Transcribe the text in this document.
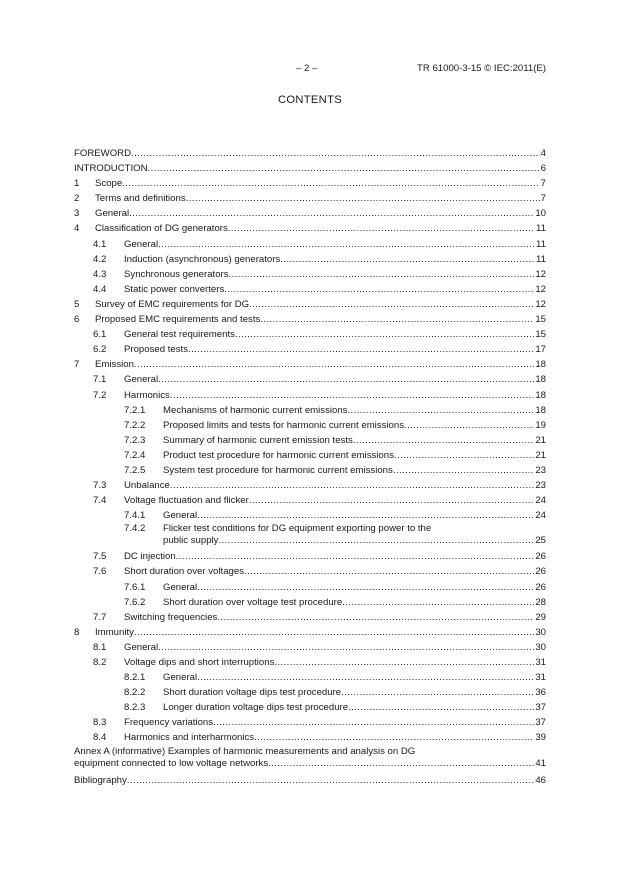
– 2 –	TR 61000-3-15 © IEC:2011(E)
CONTENTS
FOREWORD .....	4
INTRODUCTION .....	6
1 Scope .....	7
2 Terms and definitions .....	7
3 General .....	10
4 Classification of DG generators .....	11
4.1 General .....	11
4.2 Induction (asynchronous) generators .....	11
4.3 Synchronous generators .....	12
4.4 Static power converters .....	12
5 Survey of EMC requirements for DG .....	12
6 Proposed EMC requirements and tests .....	15
6.1 General test requirements .....	15
6.2 Proposed tests .....	17
7 Emission .....	18
7.1 General .....	18
7.2 Harmonics .....	18
7.2.1 Mechanisms of harmonic current emissions .....	18
7.2.2 Proposed limits and tests for harmonic current emissions .....	19
7.2.3 Summary of harmonic current emission tests .....	21
7.2.4 Product test procedure for harmonic current emissions .....	21
7.2.5 System test procedure for harmonic current emissions .....	23
7.3 Unbalance .....	23
7.4 Voltage fluctuation and flicker .....	24
7.4.1 General .....	24
7.4.2 Flicker test conditions for DG equipment exporting power to the
public supply .....	25
7.5 DC injection .....	26
7.6 Short duration over voltages .....	26
7.6.1 General .....	26
7.6.2 Short duration over voltage test procedure .....	28
7.7 Switching frequencies .....	29
8 Immunity .....	30
8.1 General .....	30
8.2 Voltage dips and short interruptions .....	31
8.2.1 General .....	31
8.2.2 Short duration voltage dips test procedure .....	36
8.2.3 Longer duration voltage dips test procedure .....	37
8.3 Frequency variations .....	37
8.4 Harmonics and interharmonics .....	39
Annex A (informative) Examples of harmonic measurements and analysis on DG
equipment connected to low voltage networks .....	41
Bibliography .....	46
